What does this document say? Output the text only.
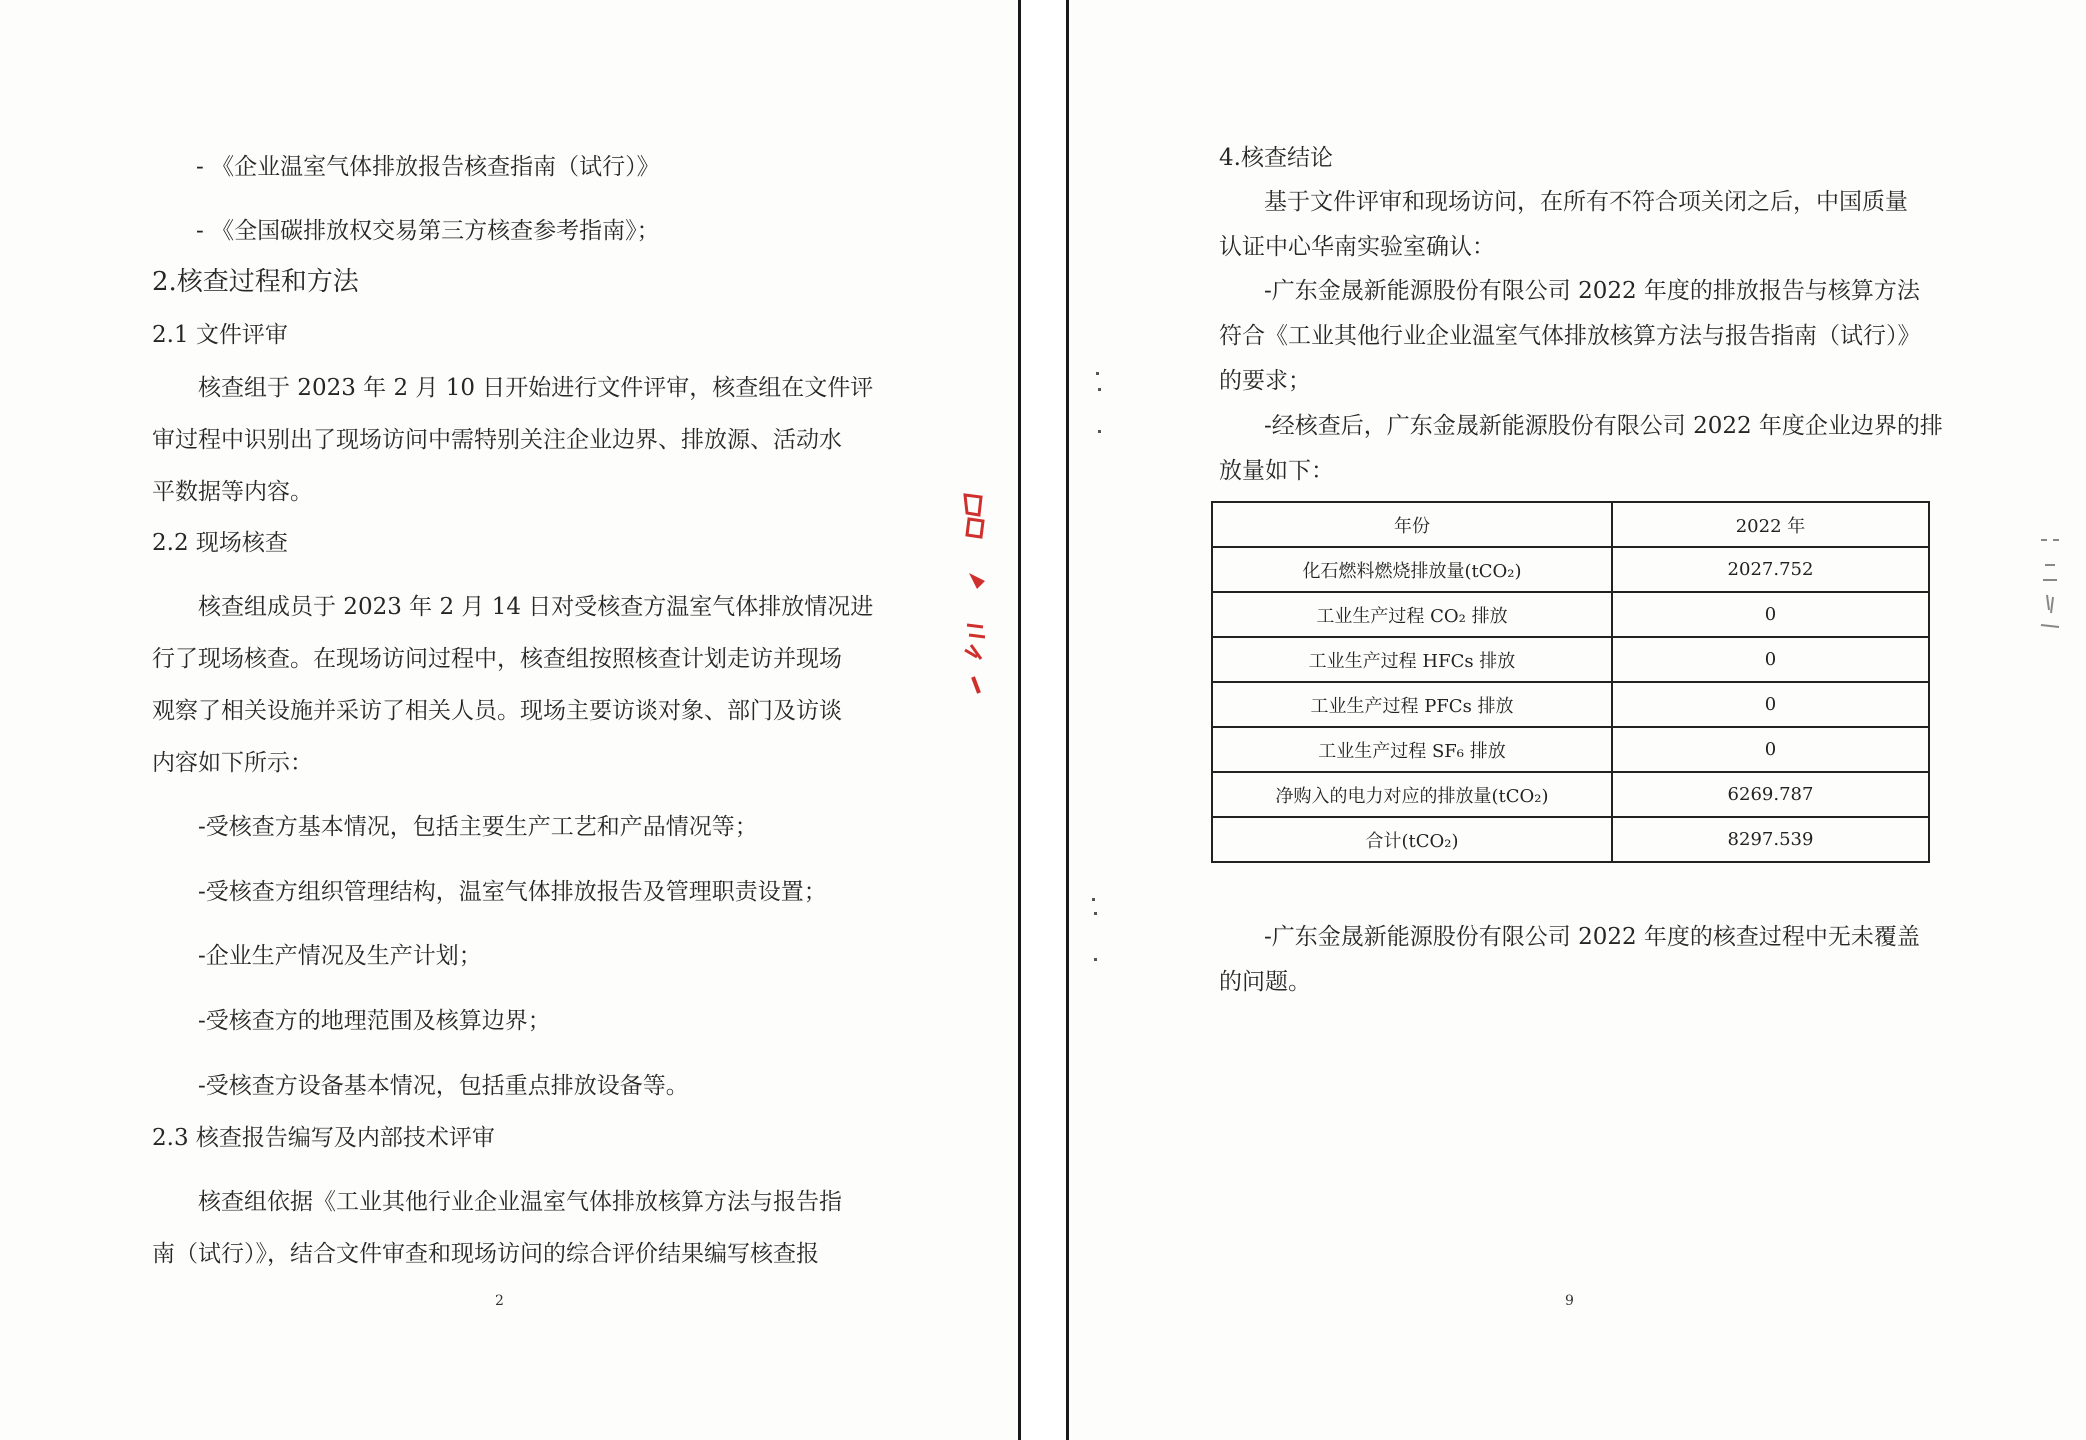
- 《企业温室气体排放报告核查指南（试行）》
- 《全国碳排放权交易第三方核查参考指南》；
2.核查过程和方法
2.1 文件评审
核查组于 2023 年 2 月 10 日开始进行文件评审，核查组在文件评
审过程中识别出了现场访问中需特别关注企业边界、排放源、活动水
平数据等内容。
2.2 现场核查
核查组成员于 2023 年 2 月 14 日对受核查方温室气体排放情况进
行了现场核查。在现场访问过程中，核查组按照核查计划走访并现场
观察了相关设施并采访了相关人员。现场主要访谈对象、部门及访谈
内容如下所示：
-受核查方基本情况，包括主要生产工艺和产品情况等；
-受核查方组织管理结构，温室气体排放报告及管理职责设置；
-企业生产情况及生产计划；
-受核查方的地理范围及核算边界；
-受核查方设备基本情况，包括重点排放设备等。
2.3 核查报告编写及内部技术评审
核查组依据《工业其他行业企业温室气体排放核算方法与报告指
南（试行）》，结合文件审查和现场访问的综合评价结果编写核查报
2
4.核查结论
基于文件评审和现场访问，在所有不符合项关闭之后，中国质量
认证中心华南实验室确认：
-广东金晟新能源股份有限公司 2022 年度的排放报告与核算方法
符合《工业其他行业企业温室气体排放核算方法与报告指南（试行）》
的要求；
-经核查后，广东金晟新能源股份有限公司 2022 年度企业边界的排
放量如下：
年份	2022 年
化石燃料燃烧排放量(tCO₂)	2027.752
工业生产过程 CO₂ 排放	0
工业生产过程 HFCs 排放	0
工业生产过程 PFCs 排放	0
工业生产过程 SF₆ 排放	0
净购入的电力对应的排放量(tCO₂)	6269.787
合计(tCO₂)	8297.539
-广东金晟新能源股份有限公司 2022 年度的核查过程中无未覆盖
的问题。
9
